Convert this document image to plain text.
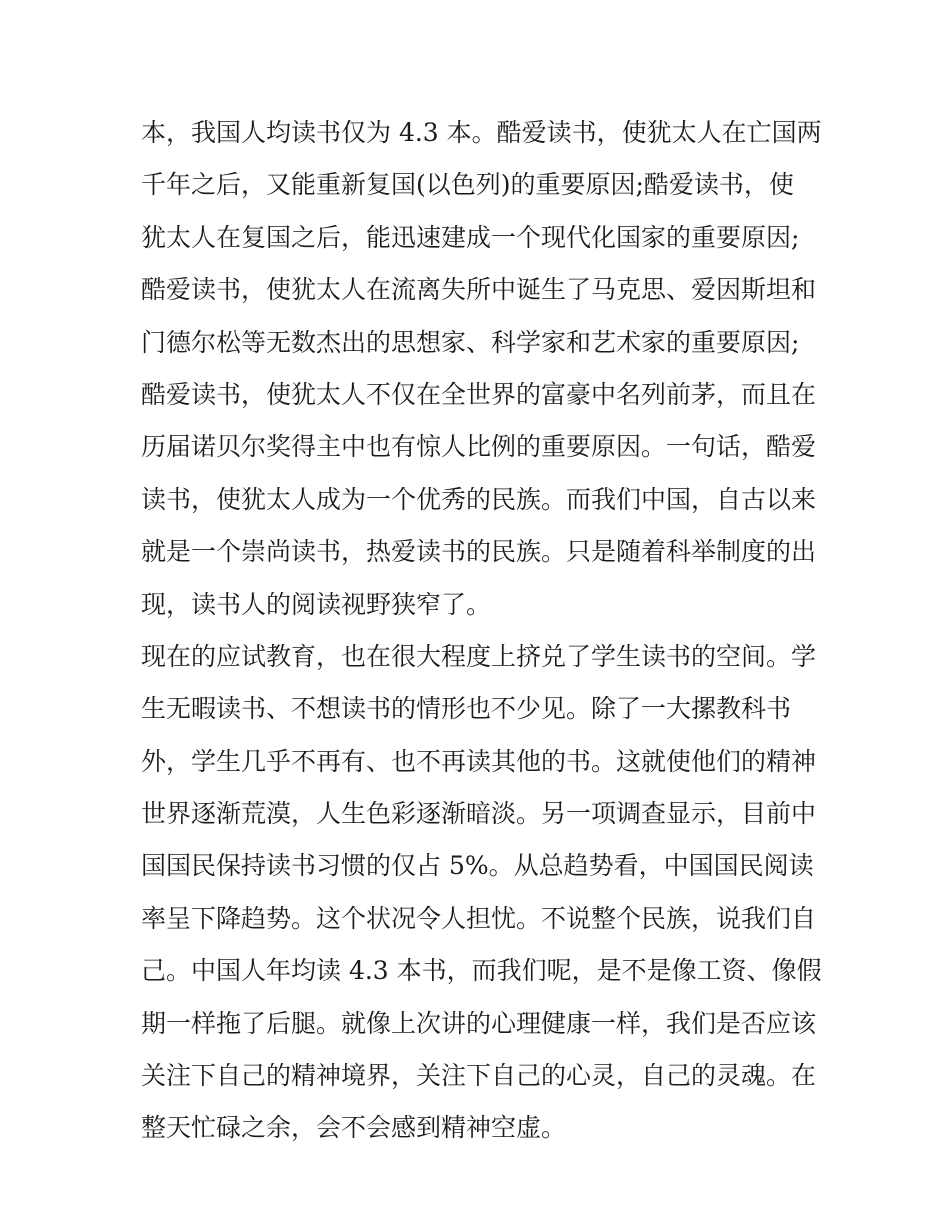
本，我国人均读书仅为 4.3 本。酷爱读书，使犹太人在亡国两
千年之后，又能重新复国(以色列)的重要原因;酷爱读书，使
犹太人在复国之后，能迅速建成一个现代化国家的重要原因;
酷爱读书，使犹太人在流离失所中诞生了马克思、爱因斯坦和
门德尔松等无数杰出的思想家、科学家和艺术家的重要原因;
酷爱读书，使犹太人不仅在全世界的富豪中名列前茅，而且在
历届诺贝尔奖得主中也有惊人比例的重要原因。一句话，酷爱
读书，使犹太人成为一个优秀的民族。而我们中国，自古以来
就是一个崇尚读书，热爱读书的民族。只是随着科举制度的出
现，读书人的阅读视野狭窄了。
现在的应试教育，也在很大程度上挤兑了学生读书的空间。学
生无暇读书、不想读书的情形也不少见。除了一大摞教科书
外，学生几乎不再有、也不再读其他的书。这就使他们的精神
世界逐渐荒漠，人生色彩逐渐暗淡。另一项调查显示，目前中
国国民保持读书习惯的仅占 5%。从总趋势看，中国国民阅读
率呈下降趋势。这个状况令人担忧。不说整个民族，说我们自
己。中国人年均读 4.3 本书，而我们呢，是不是像工资、像假
期一样拖了后腿。就像上次讲的心理健康一样，我们是否应该
关注下自己的精神境界，关注下自己的心灵，自己的灵魂。在
整天忙碌之余，会不会感到精神空虚。
